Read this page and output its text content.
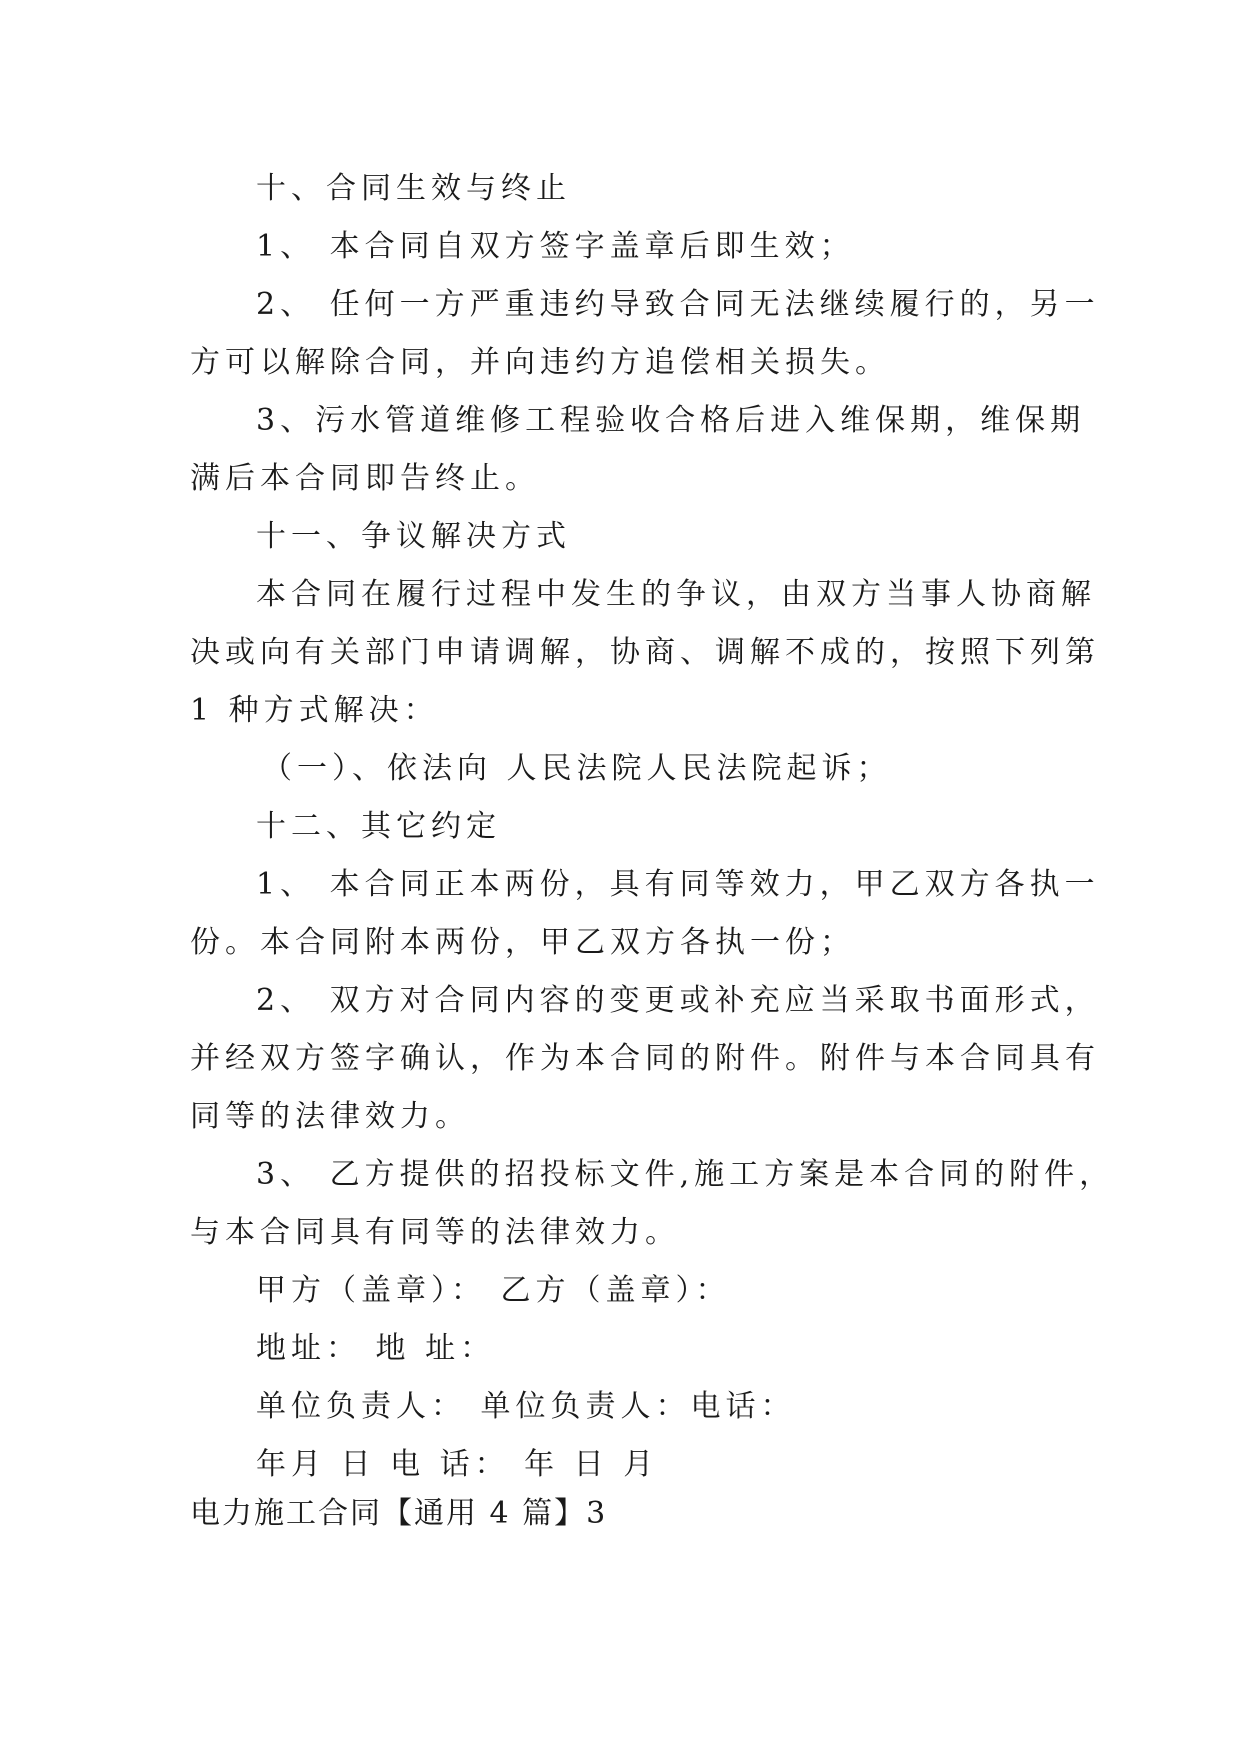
十、合同生效与终止
1、 本合同自双方签字盖章后即生效；
2、 任何一方严重违约导致合同无法继续履行的，另一
方可以解除合同，并向违约方追偿相关损失。
3、污水管道维修工程验收合格后进入维保期，维保期
满后本合同即告终止。
十一、争议解决方式
本合同在履行过程中发生的争议，由双方当事人协商解
决或向有关部门申请调解，协商、调解不成的，按照下列第
1 种方式解决：
（一）、依法向 人民法院人民法院起诉；
十二、其它约定
1、 本合同正本两份，具有同等效力，甲乙双方各执一
份。本合同附本两份，甲乙双方各执一份；
2、 双方对合同内容的变更或补充应当采取书面形式，
并经双方签字确认，作为本合同的附件。附件与本合同具有
同等的法律效力。
3、 乙方提供的招投标文件,施工方案是本合同的附件，
与本合同具有同等的法律效力。
甲方（盖章）： 乙方（盖章）：
地址： 地 址：
单位负责人： 单位负责人：电话：
年月 日 电 话： 年 日 月
电力施工合同【通用 4 篇】3
